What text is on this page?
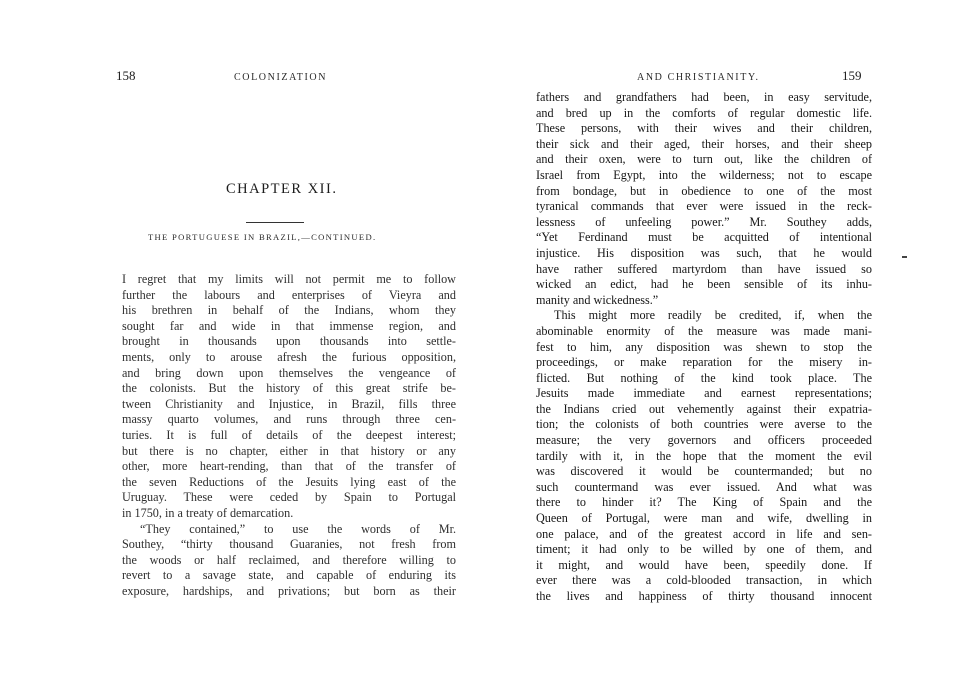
158	COLONIZATION
CHAPTER XII.
THE PORTUGUESE IN BRAZIL,—CONTINUED.
I regret that my limits will not permit me to follow
further the labours and enterprises of Vieyra and
his brethren in behalf of the Indians, whom they
sought far and wide in that immense region, and
brought in thousands upon thousands into settle-
ments, only to arouse afresh the furious opposition,
and bring down upon themselves the vengeance of
the colonists. But the history of this great strife be-
tween Christianity and Injustice, in Brazil, fills three
massy quarto volumes, and runs through three cen-
turies. It is full of details of the deepest interest;
but there is no chapter, either in that history or any
other, more heart-rending, than that of the transfer of
the seven Reductions of the Jesuits lying east of the
Uruguay. These were ceded by Spain to Portugal
in 1750, in a treaty of demarcation.
“They contained,” to use the words of Mr.
Southey, “thirty thousand Guaranies, not fresh from
the woods or half reclaimed, and therefore willing to
revert to a savage state, and capable of enduring its
exposure, hardships, and privations; but born as their
AND CHRISTIANITY.	159
fathers and grandfathers had been, in easy servitude,
and bred up in the comforts of regular domestic life.
These persons, with their wives and their children,
their sick and their aged, their horses, and their sheep
and their oxen, were to turn out, like the children of
Israel from Egypt, into the wilderness; not to escape
from bondage, but in obedience to one of the most
tyranical commands that ever were issued in the reck-
lessness of unfeeling power.” Mr. Southey adds,
“Yet Ferdinand must be acquitted of intentional
injustice. His disposition was such, that he would
have rather suffered martyrdom than have issued so
wicked an edict, had he been sensible of its inhu-
manity and wickedness.”
This might more readily be credited, if, when the
abominable enormity of the measure was made mani-
fest to him, any disposition was shewn to stop the
proceedings, or make reparation for the misery in-
flicted. But nothing of the kind took place. The
Jesuits made immediate and earnest representations;
the Indians cried out vehemently against their expatria-
tion; the colonists of both countries were averse to the
measure; the very governors and officers proceeded
tardily with it, in the hope that the moment the evil
was discovered it would be countermanded; but no
such countermand was ever issued. And what was
there to hinder it? The King of Spain and the
Queen of Portugal, were man and wife, dwelling in
one palace, and of the greatest accord in life and sen-
timent; it had only to be willed by one of them, and
it might, and would have been, speedily done. If
ever there was a cold-blooded transaction, in which
the lives and happiness of thirty thousand innocent
